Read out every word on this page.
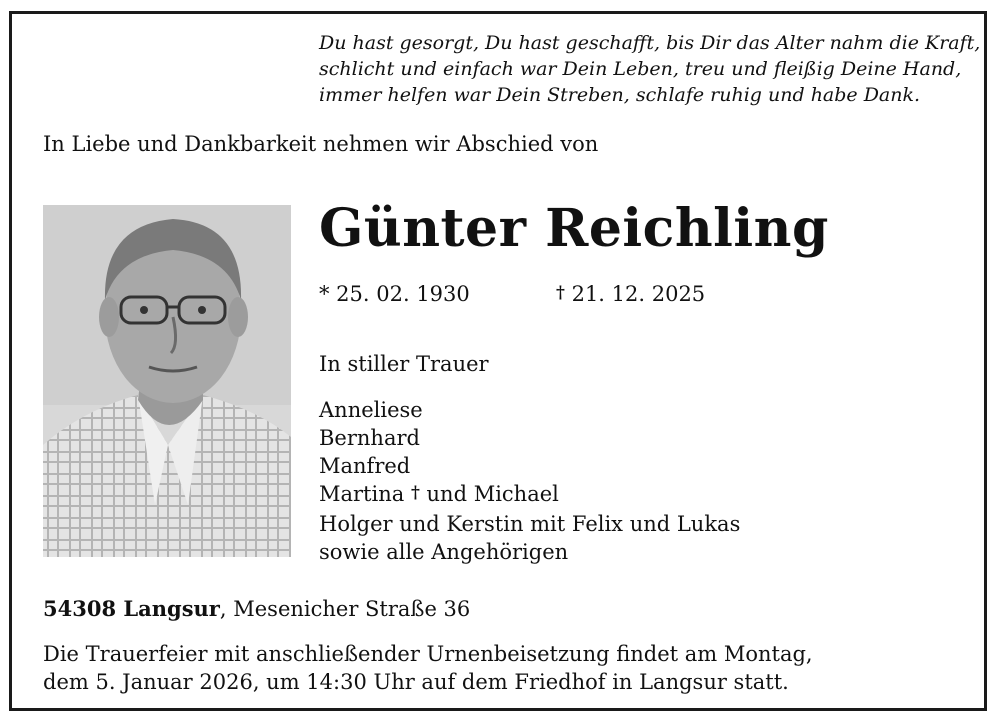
Du hast gesorgt, Du hast geschafft, bis Dir das Alter nahm die Kraft,
schlicht und einfach war Dein Leben, treu und fleißig Deine Hand,
immer helfen war Dein Streben, schlafe ruhig und habe Dank.
In Liebe und Dankbarkeit nehmen wir Abschied von
Günter Reichling
* 25. 02. 1930	† 21. 12. 2025
In stiller Trauer
Anneliese
Bernhard
Manfred
Martina † und Michael
Holger und Kerstin mit Felix und Lukas
sowie alle Angehörigen
54308 Langsur, Mesenicher Straße 36
Die Trauerfeier mit anschließender Urnenbeisetzung findet am Montag,
dem 5. Januar 2026, um 14:30 Uhr auf dem Friedhof in Langsur statt.
